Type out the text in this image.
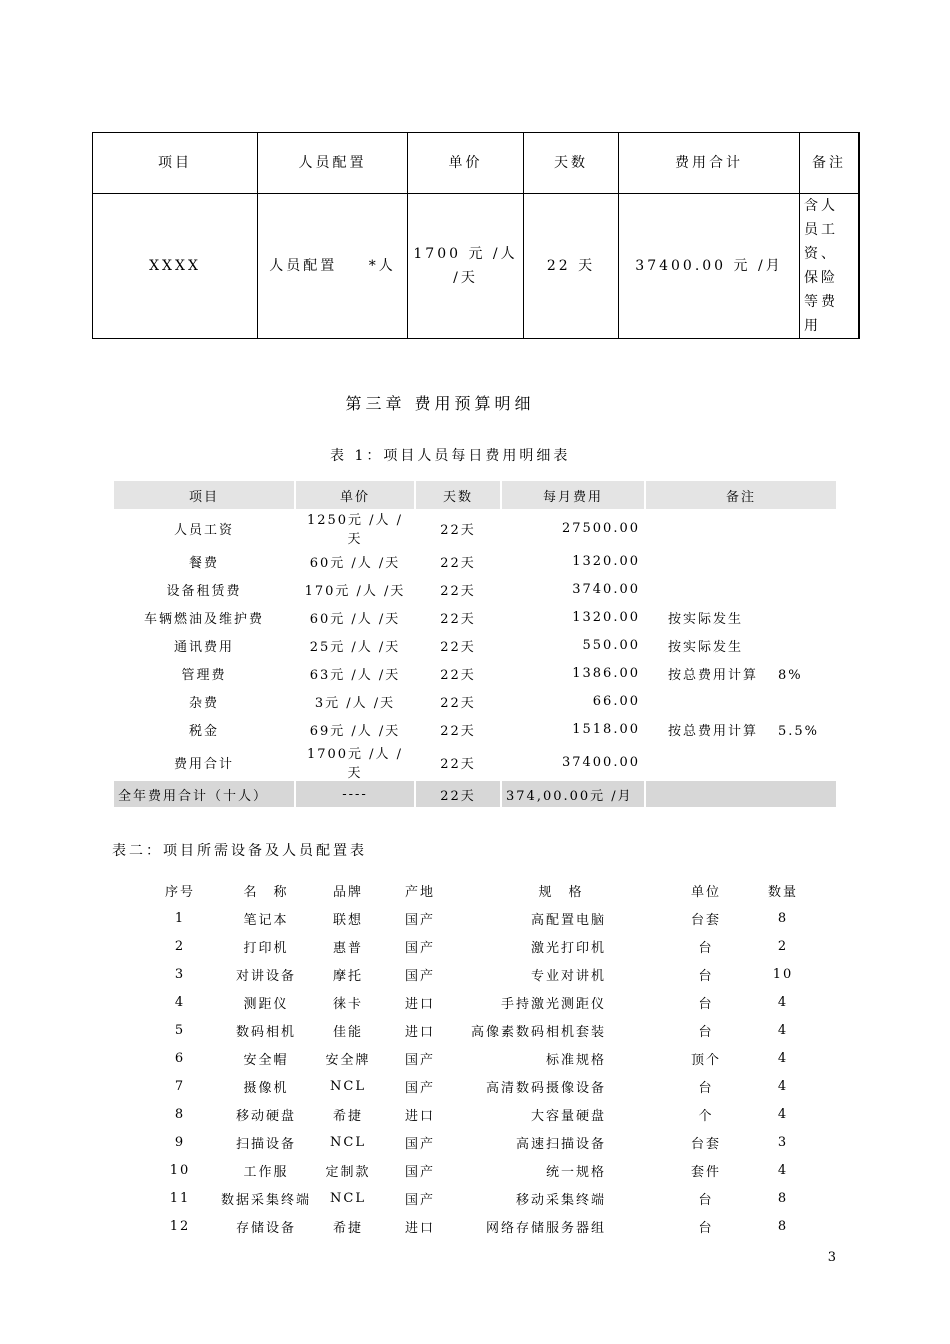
项目	人员配置	单价	天数	费用合计	备注
XXXX	人员配置 *人	1700 元 /人 /天	22 天	37400.00 元 /月	含人员工资、保险等费用
第三章 费用预算明细
表 1：项目人员每日费用明细表
项目	单价	天数	每月费用	备注
人员工资	1250元 /人 /天	22天	27500.00	
餐费	60元 /人 /天	22天	1320.00	
设备租赁费	170元 /人 /天	22天	3740.00	
车辆燃油及维护费	60元 /人 /天	22天	1320.00	按实际发生
通讯费用	25元 /人 /天	22天	550.00	按实际发生
管理费	63元 /人 /天	22天	1386.00	按总费用计算 8%
杂费	3元 /人 /天	22天	66.00	
税金	69元 /人 /天	22天	1518.00	按总费用计算 5.5%
费用合计	1700元 /人 /天	22天	37400.00	
全年费用合计（十人）	----	22天	374,00.00元 /月	
表二：项目所需设备及人员配置表
序号	名　称	品牌	产地	规　格	单位	数量
1	笔记本	联想	国产	高配置电脑	台套	8
2	打印机	惠普	国产	激光打印机	台	2
3	对讲设备	摩托	国产	专业对讲机	台	10
4	测距仪	徕卡	进口	手持激光测距仪	台	4
5	数码相机	佳能	进口	高像素数码相机套装	台	4
6	安全帽	安全牌	国产	标准规格	顶个	4
7	摄像机	NCL	国产	高清数码摄像设备	台	4
8	移动硬盘	希捷	进口	大容量硬盘	个	4
9	扫描设备	NCL	国产	高速扫描设备	台套	3
10	工作服	定制款	国产	统一规格	套件	4
11	数据采集终端	NCL	国产	移动采集终端	台	8
12	存储设备	希捷	进口	网络存储服务器组	台	8
3
